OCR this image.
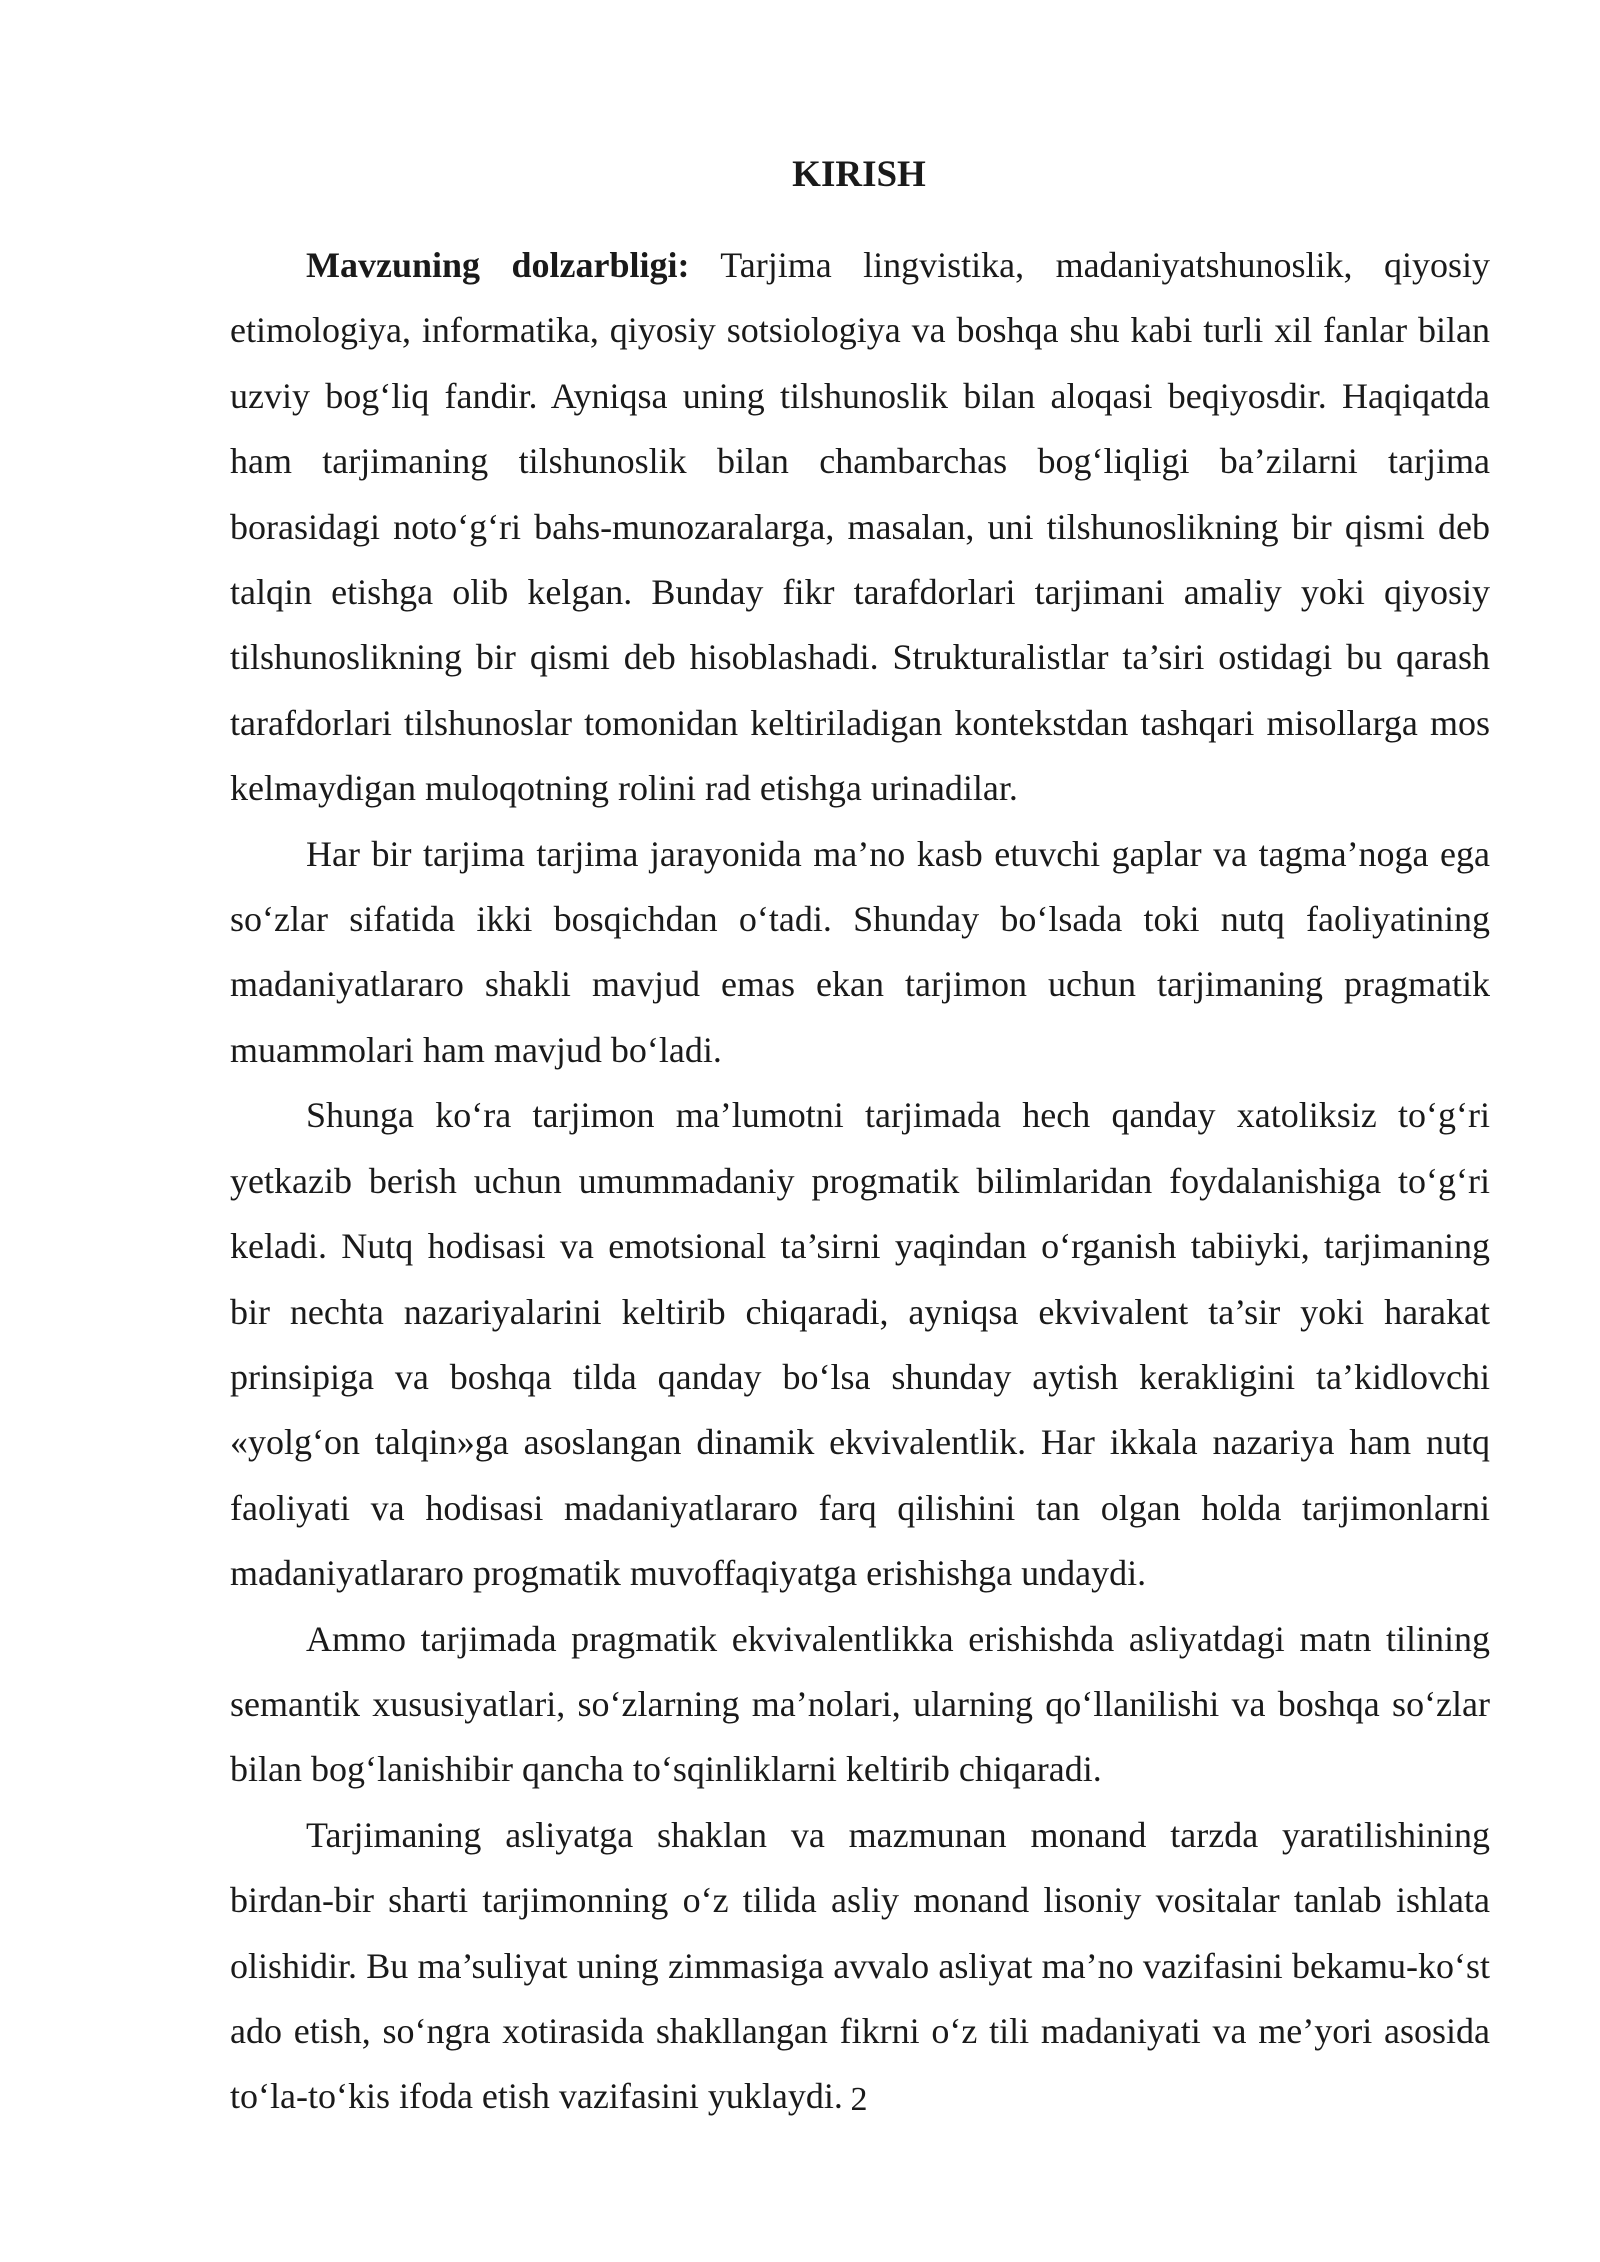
KIRISH

Mavzuning dolzarbligi: Tarjima lingvistika, madaniyatshunoslik, qiyosiy etimologiya, informatika, qiyosiy sotsiologiya va boshqa shu kabi turli xil fanlar bilan uzviy bog‘liq fandir. Ayniqsa uning tilshunoslik bilan aloqasi beqiyosdir. Haqiqatda ham tarjimaning tilshunoslik bilan chambarchas bog‘liqligi ba’zilarni tarjima borasidagi noto‘g‘ri bahs-munozaralarga, masalan, uni tilshunoslikning bir qismi deb talqin etishga olib kelgan. Bunday fikr tarafdorlari tarjimani amaliy yoki qiyosiy tilshunoslikning bir qismi deb hisoblashadi. Strukturalistlar ta’siri ostidagi bu qarash tarafdorlari tilshunoslar tomonidan keltiriladigan kontekstdan tashqari misollarga mos kelmaydigan muloqotning rolini rad etishga urinadilar.

Har bir tarjima tarjima jarayonida ma’no kasb etuvchi gaplar va tagma’noga ega so‘zlar sifatida ikki bosqichdan o‘tadi. Shunday bo‘lsada toki nutq faoliyatining madaniyatlararo shakli mavjud emas ekan tarjimon uchun tarjimaning pragmatik muammolari ham mavjud bo‘ladi.

Shunga ko‘ra tarjimon ma’lumotni tarjimada hech qanday xatoliksiz to‘g‘ri yetkazib berish uchun umummadaniy progmatik bilimlaridan foydalanishiga to‘g‘ri keladi. Nutq hodisasi va emotsional ta’sirni yaqindan o‘rganish tabiiyki, tarjimaning bir nechta nazariyalarini keltirib chiqaradi, ayniqsa ekvivalent ta’sir yoki harakat prinsipiga va boshqa tilda qanday bo‘lsa shunday aytish kerakligini ta’kidlovchi «yolg‘on talqin»ga asoslangan dinamik ekvivalentlik. Har ikkala nazariya ham nutq faoliyati va hodisasi madaniyatlararo farq qilishini tan olgan holda tarjimonlarni madaniyatlararo progmatik muvoffaqiyatga erishishga undaydi.

Ammo tarjimada pragmatik ekvivalentlikka erishishda asliyatdagi matn tilining semantik xususiyatlari, so‘zlarning ma’nolari, ularning qo‘llanilishi va boshqa so‘zlar bilan bog‘lanishibir qancha to‘sqinliklarni keltirib chiqaradi.

Tarjimaning asliyatga shaklan va mazmunan monand tarzda yaratilishining birdan-bir sharti tarjimonning o‘z tilida asliy monand lisoniy vositalar tanlab ishlata olishidir. Bu ma’suliyat uning zimmasiga avvalo asliyat ma’no vazifasini bekamu-ko‘st ado etish, so‘ngra xotirasida shakllangan fikrni o‘z tili madaniyati va me’yori asosida to‘la-to‘kis ifoda etish vazifasini yuklaydi. 2
